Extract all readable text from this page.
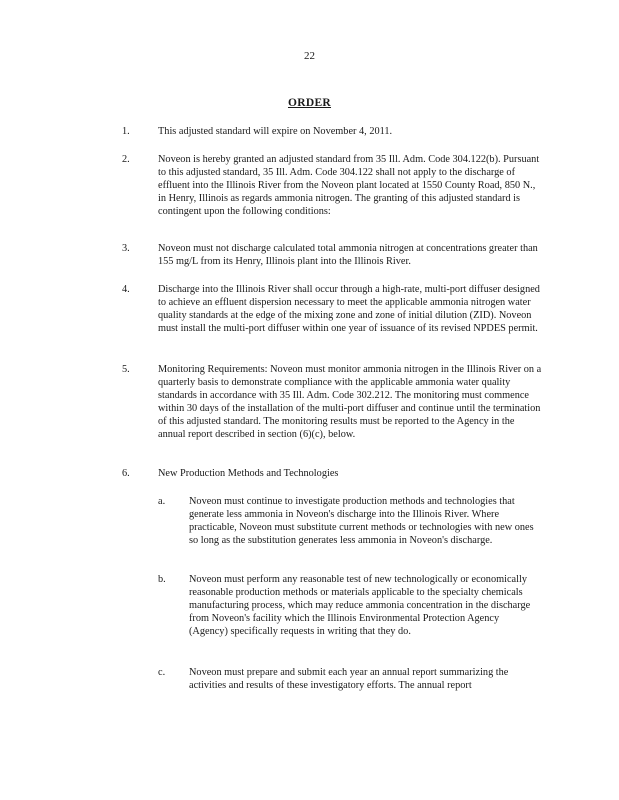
22
ORDER
1.	This adjusted standard will expire on November 4, 2011.
2.	Noveon is hereby granted an adjusted standard from 35 Ill. Adm. Code 304.122(b). Pursuant to this adjusted standard, 35 Ill. Adm. Code 304.122 shall not apply to the discharge of effluent into the Illinois River from the Noveon plant located at 1550 County Road, 850 N., in Henry, Illinois as regards ammonia nitrogen. The granting of this adjusted standard is contingent upon the following conditions:
3.	Noveon must not discharge calculated total ammonia nitrogen at concentrations greater than 155 mg/L from its Henry, Illinois plant into the Illinois River.
4.	Discharge into the Illinois River shall occur through a high-rate, multi-port diffuser designed to achieve an effluent dispersion necessary to meet the applicable ammonia nitrogen water quality standards at the edge of the mixing zone and zone of initial dilution (ZID). Noveon must install the multi-port diffuser within one year of issuance of its revised NPDES permit.
5.	Monitoring Requirements: Noveon must monitor ammonia nitrogen in the Illinois River on a quarterly basis to demonstrate compliance with the applicable ammonia water quality standards in accordance with 35 Ill. Adm. Code 302.212. The monitoring must commence within 30 days of the installation of the multi-port diffuser and continue until the termination of this adjusted standard. The monitoring results must be reported to the Agency in the annual report described in section (6)(c), below.
6.	New Production Methods and Technologies
a. Noveon must continue to investigate production methods and technologies that generate less ammonia in Noveon's discharge into the Illinois River. Where practicable, Noveon must substitute current methods or technologies with new ones so long as the substitution generates less ammonia in Noveon's discharge.
b. Noveon must perform any reasonable test of new technologically or economically reasonable production methods or materials applicable to the specialty chemicals manufacturing process, which may reduce ammonia concentration in the discharge from Noveon's facility which the Illinois Environmental Protection Agency (Agency) specifically requests in writing that they do.
c. Noveon must prepare and submit each year an annual report summarizing the activities and results of these investigatory efforts. The annual report
